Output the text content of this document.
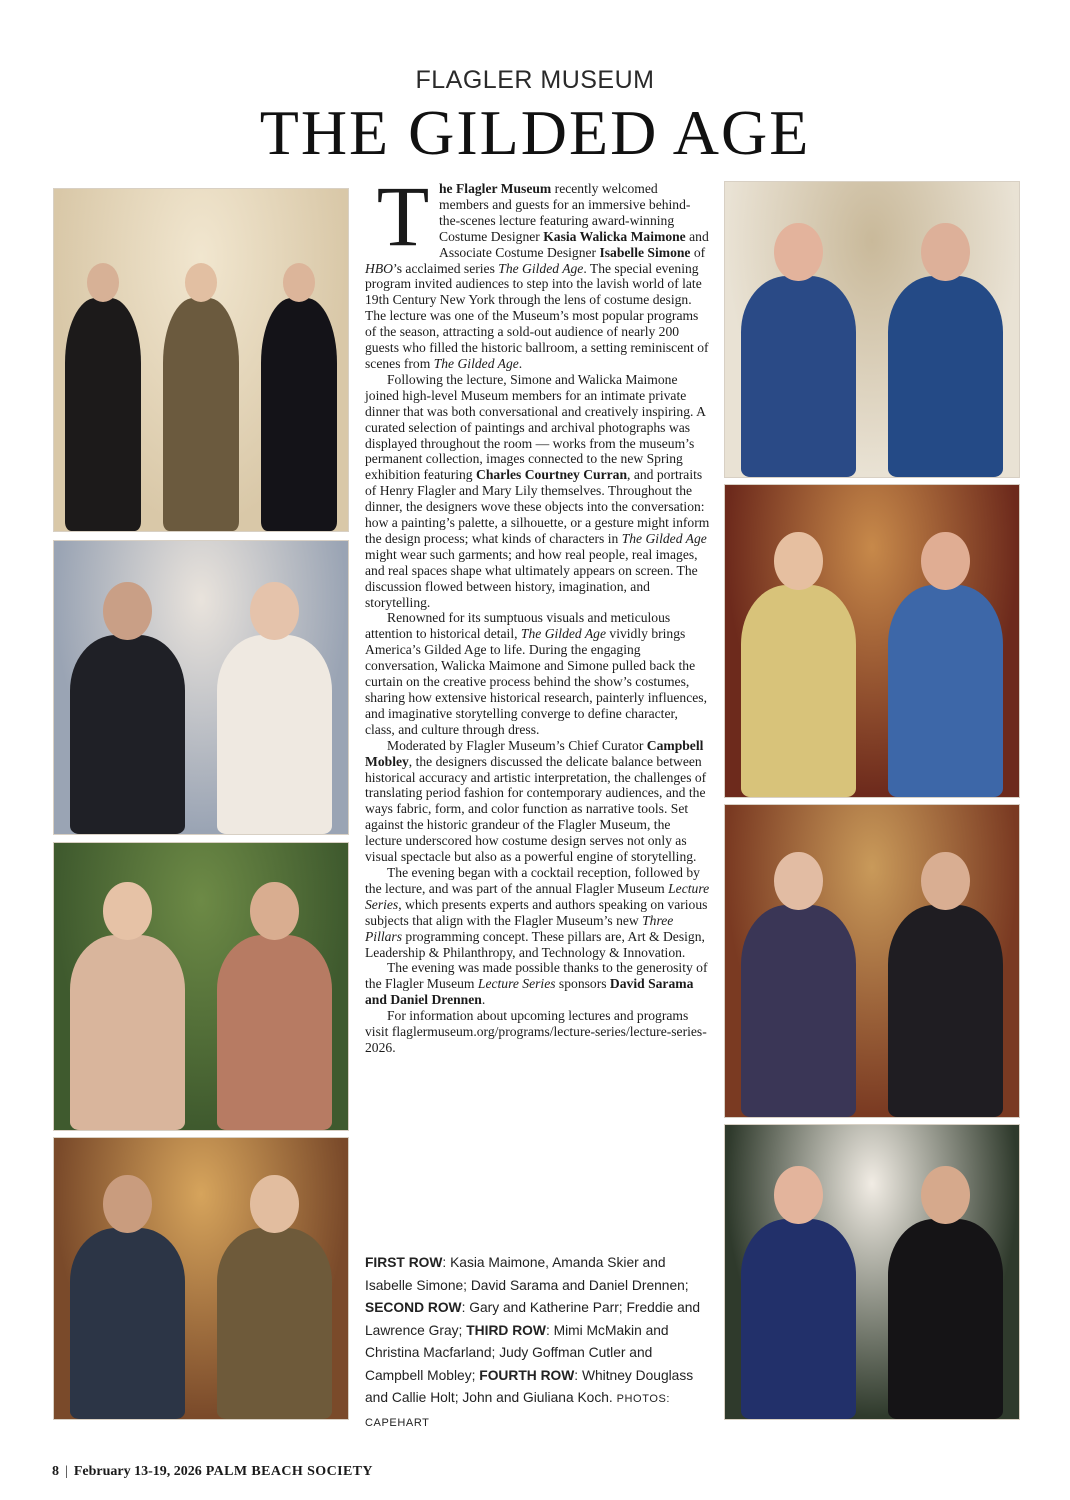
FLAGLER MUSEUM
THE GILDED AGE

The Flagler Museum recently welcomed members and guests for an immersive behind-the-scenes lecture featuring award-winning Costume Designer Kasia Walicka Maimone and Associate Costume Designer Isabelle Simone of HBO’s acclaimed series The Gilded Age. The special evening program invited audiences to step into the lavish world of late 19th Century New York through the lens of costume design. The lecture was one of the Museum’s most popular programs of the season, attracting a sold-out audience of nearly 200 guests who filled the historic ballroom, a setting reminiscent of scenes from The Gilded Age.

Following the lecture, Simone and Walicka Maimone joined high-level Museum members for an intimate private dinner that was both conversational and creatively inspiring. A curated selection of paintings and archival photographs was displayed throughout the room — works from the museum’s permanent collection, images connected to the new Spring exhibition featuring Charles Courtney Curran, and portraits of Henry Flagler and Mary Lily themselves. Throughout the dinner, the designers wove these objects into the conversation: how a painting’s palette, a silhouette, or a gesture might inform the design process; what kinds of characters in The Gilded Age might wear such garments; and how real people, real images, and real spaces shape what ultimately appears on screen. The discussion flowed between history, imagination, and storytelling.

Renowned for its sumptuous visuals and meticulous attention to historical detail, The Gilded Age vividly brings America’s Gilded Age to life. During the engaging conversation, Walicka Maimone and Simone pulled back the curtain on the creative process behind the show’s costumes, sharing how extensive historical research, painterly influences, and imaginative storytelling converge to define character, class, and culture through dress.

Moderated by Flagler Museum’s Chief Curator Campbell Mobley, the designers discussed the delicate balance between historical accuracy and artistic interpretation, the challenges of translating period fashion for contemporary audiences, and the ways fabric, form, and color function as narrative tools. Set against the historic grandeur of the Flagler Museum, the lecture underscored how costume design serves not only as visual spectacle but also as a powerful engine of storytelling.

The evening began with a cocktail reception, followed by the lecture, and was part of the annual Flagler Museum Lecture Series, which presents experts and authors speaking on various subjects that align with the Flagler Museum’s new Three Pillars programming concept. These pillars are, Art & Design, Leadership & Philanthropy, and Technology & Innovation.

The evening was made possible thanks to the generosity of the Flagler Museum Lecture Series sponsors David Sarama and Daniel Drennen.

For information about upcoming lectures and programs visit flaglermuseum.org/programs/lecture-series/lecture-series-2026.

FIRST ROW: Kasia Maimone, Amanda Skier and Isabelle Simone; David Sarama and Daniel Drennen; SECOND ROW: Gary and Katherine Parr; Freddie and Lawrence Gray; THIRD ROW: Mimi McMakin and Christina Macfarland; Judy Goffman Cutler and Campbell Mobley; FOURTH ROW: Whitney Douglass and Callie Holt; John and Giuliana Koch. PHOTOS: CAPEHART
8 | February 13-19, 2026 PALM BEACH SOCIETY
